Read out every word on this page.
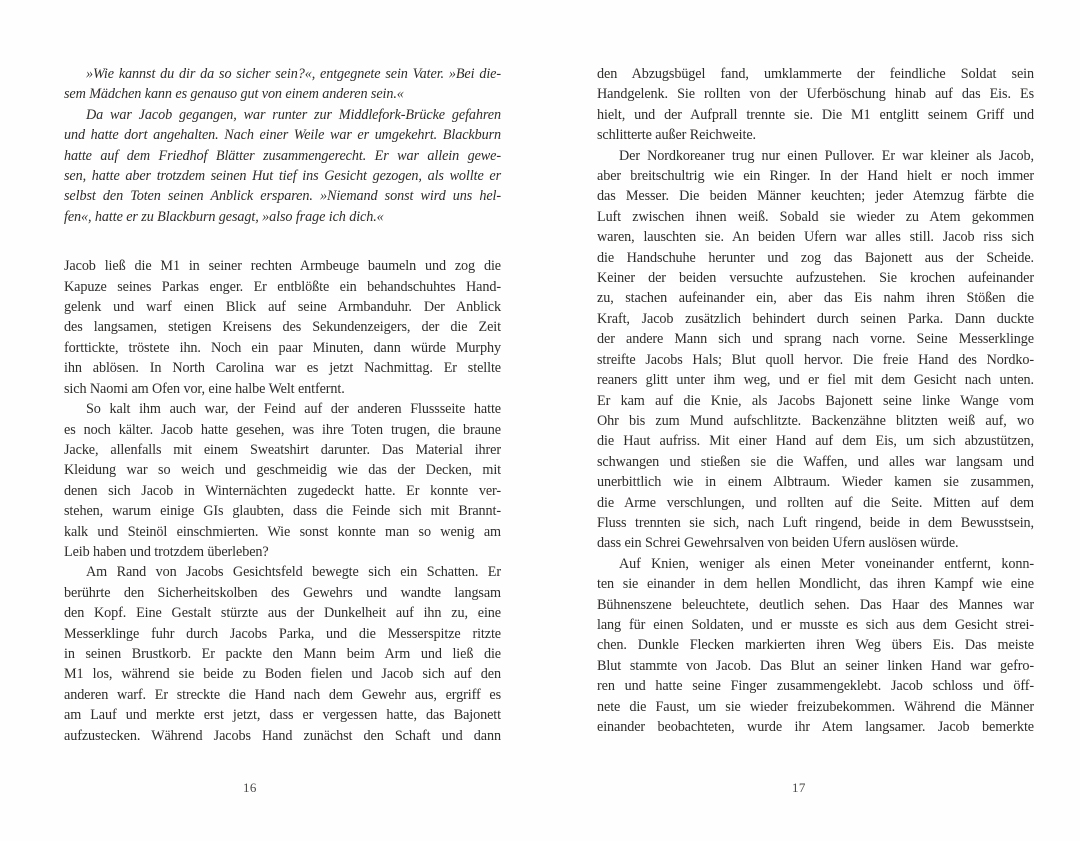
»Wie kannst du dir da so sicher sein?«, entgegnete sein Vater. »Bei die-
sem Mädchen kann es genauso gut von einem anderen sein.«
Da war Jacob gegangen, war runter zur Middlefork-Brücke gefahren
und hatte dort angehalten. Nach einer Weile war er umgekehrt. Blackburn
hatte auf dem Friedhof Blätter zusammengerecht. Er war allein gewe-
sen, hatte aber trotzdem seinen Hut tief ins Gesicht gezogen, als wollte er
selbst den Toten seinen Anblick ersparen. »Niemand sonst wird uns hel-
fen«, hatte er zu Blackburn gesagt, »also frage ich dich.«
Jacob ließ die M1 in seiner rechten Armbeuge baumeln und zog die
Kapuze seines Parkas enger. Er entblößte ein behandschuhtes Hand-
gelenk und warf einen Blick auf seine Armbanduhr. Der Anblick
des langsamen, stetigen Kreisens des Sekundenzeigers, der die Zeit
forttickte, tröstete ihn. Noch ein paar Minuten, dann würde Murphy
ihn ablösen. In North Carolina war es jetzt Nachmittag. Er stellte
sich Naomi am Ofen vor, eine halbe Welt entfernt.
So kalt ihm auch war, der Feind auf der anderen Flussseite hatte
es noch kälter. Jacob hatte gesehen, was ihre Toten trugen, die braune
Jacke, allenfalls mit einem Sweatshirt darunter. Das Material ihrer
Kleidung war so weich und geschmeidig wie das der Decken, mit
denen sich Jacob in Winternächten zugedeckt hatte. Er konnte ver-
stehen, warum einige GIs glaubten, dass die Feinde sich mit Brannt-
kalk und Steinöl einschmierten. Wie sonst konnte man so wenig am
Leib haben und trotzdem überleben?
Am Rand von Jacobs Gesichtsfeld bewegte sich ein Schatten. Er
berührte den Sicherheitskolben des Gewehrs und wandte langsam
den Kopf. Eine Gestalt stürzte aus der Dunkelheit auf ihn zu, eine
Messerklinge fuhr durch Jacobs Parka, und die Messerspitze ritzte
in seinen Brustkorb. Er packte den Mann beim Arm und ließ die
M1 los, während sie beide zu Boden fielen und Jacob sich auf den
anderen warf. Er streckte die Hand nach dem Gewehr aus, ergriff es
am Lauf und merkte erst jetzt, dass er vergessen hatte, das Bajonett
aufzustecken. Während Jacobs Hand zunächst den Schaft und dann
den Abzugsbügel fand, umklammerte der feindliche Soldat sein
Handgelenk. Sie rollten von der Uferböschung hinab auf das Eis. Es
hielt, und der Aufprall trennte sie. Die M1 entglitt seinem Griff und
schlitterte außer Reichweite.
Der Nordkoreaner trug nur einen Pullover. Er war kleiner als Jacob,
aber breitschultrig wie ein Ringer. In der Hand hielt er noch immer
das Messer. Die beiden Männer keuchten; jeder Atemzug färbte die
Luft zwischen ihnen weiß. Sobald sie wieder zu Atem gekommen
waren, lauschten sie. An beiden Ufern war alles still. Jacob riss sich
die Handschuhe herunter und zog das Bajonett aus der Scheide.
Keiner der beiden versuchte aufzustehen. Sie krochen aufeinander
zu, stachen aufeinander ein, aber das Eis nahm ihren Stößen die
Kraft, Jacob zusätzlich behindert durch seinen Parka. Dann duckte
der andere Mann sich und sprang nach vorne. Seine Messerklinge
streifte Jacobs Hals; Blut quoll hervor. Die freie Hand des Nordko-
reaners glitt unter ihm weg, und er fiel mit dem Gesicht nach unten.
Er kam auf die Knie, als Jacobs Bajonett seine linke Wange vom
Ohr bis zum Mund aufschlitzte. Backenzähne blitzten weiß auf, wo
die Haut aufriss. Mit einer Hand auf dem Eis, um sich abzustützen,
schwangen und stießen sie die Waffen, und alles war langsam und
unerbittlich wie in einem Albtraum. Wieder kamen sie zusammen,
die Arme verschlungen, und rollten auf die Seite. Mitten auf dem
Fluss trennten sie sich, nach Luft ringend, beide in dem Bewusstsein,
dass ein Schrei Gewehrsalven von beiden Ufern auslösen würde.
Auf Knien, weniger als einen Meter voneinander entfernt, konn-
ten sie einander in dem hellen Mondlicht, das ihren Kampf wie eine
Bühnenszene beleuchtete, deutlich sehen. Das Haar des Mannes war
lang für einen Soldaten, und er musste es sich aus dem Gesicht strei-
chen. Dunkle Flecken markierten ihren Weg übers Eis. Das meiste
Blut stammte von Jacob. Das Blut an seiner linken Hand war gefro-
ren und hatte seine Finger zusammengeklebt. Jacob schloss und öff-
nete die Faust, um sie wieder freizubekommen. Während die Männer
einander beobachteten, wurde ihr Atem langsamer. Jacob bemerkte
16	17
